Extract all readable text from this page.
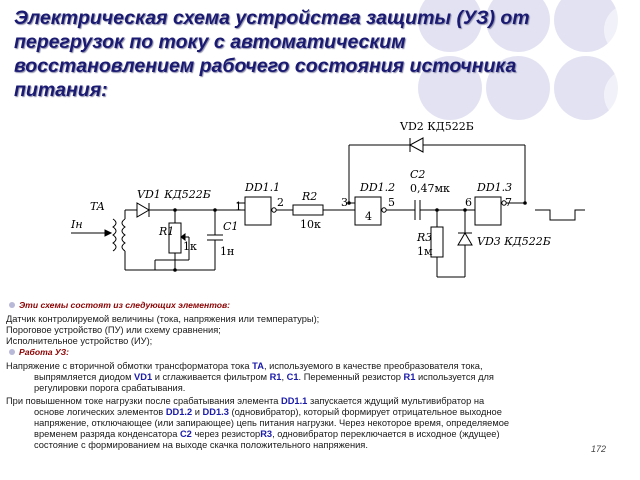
Электрическая схема устройства защиты (УЗ) от перегрузок по току с автоматическим восстановлением рабочего состояния источника питания:
VD2 КД522Б
VD1 КД522Б
TA
Iн
R1
1к
C1
1н
DD1.1
1	2 R2
10к
3
DD1.2
4
5
C2
0,47мк
R3
1м
DD1.3
6	7
VD3 КД522Б

Эти схемы состоят из следующих элементов:

Датчик контролируемой величины (тока, напряжения или температуры);

Пороговое устройство (ПУ) или схему сравнения;

Исполнительное устройство (ИУ);

Работа УЗ:

Напряжение с вторичной обмотки трансформатора тока ТА, используемого в качестве преобразователя тока,
выпрямляется диодом VD1 и сглаживается фильтром R1, С1. Переменный резистор R1 используется для
регулировки порога срабатывания.

При повышенном токе нагрузки после срабатывания элемента DD1.1 запускается ждущий мультивибратор на
основе логических элементов DD1.2 и DD1.3 (одновибратор), который формирует отрицательное выходное
напряжение, отключающее (или запирающее) цепь питания нагрузки. Через некоторое время, определяемое
временем разряда конденсатора С2 через резисторR3, одновибратор переключается в исходное (ждущее)
состояние с формированием на выходе скачка положительного напряжения.	172
